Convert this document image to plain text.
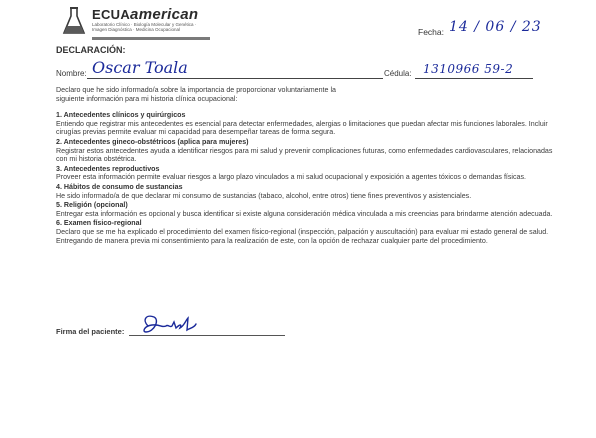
ECUAamerican
Laboratorio Clínico · Biología Molecular y Genética · Imagen Diagnóstica · Medicina Ocupacional	Fecha: 14 / 06 / 23
DECLARACIÓN:
Nombre: Oscar Toala	Cédula: 1310966 59-2

Declaro que he sido informado/a sobre la importancia de proporcionar voluntariamente la siguiente información para mi historia clínica ocupacional:

1. Antecedentes clínicos y quirúrgicos

Entiendo que registrar mis antecedentes es esencial para detectar enfermedades, alergias o limitaciones que puedan afectar mis funciones laborales. Incluir cirugías previas permite evaluar mi capacidad para desempeñar tareas de forma segura.

2. Antecedentes gineco-obstétricos (aplica para mujeres)

Registrar estos antecedentes ayuda a identificar riesgos para mi salud y prevenir complicaciones futuras, como enfermedades cardiovasculares, relacionadas con mi historia obstétrica.

3. Antecedentes reproductivos

Proveer esta información permite evaluar riesgos a largo plazo vinculados a mi salud ocupacional y exposición a agentes tóxicos o demandas físicas.

4. Hábitos de consumo de sustancias

He sido informado/a de que declarar mi consumo de sustancias (tabaco, alcohol, entre otros) tiene fines preventivos y asistenciales.

5. Religión (opcional)

Entregar esta información es opcional y busca identificar si existe alguna consideración médica vinculada a mis creencias para brindarme atención adecuada.

6. Examen físico-regional

Declaro que se me ha explicado el procedimiento del examen físico-regional (inspección, palpación y auscultación) para evaluar mi estado general de salud. Entregando de manera previa mi consentimiento para la realización de este, con la opción de rechazar cualquier parte del procedimiento.

Firma del paciente:
